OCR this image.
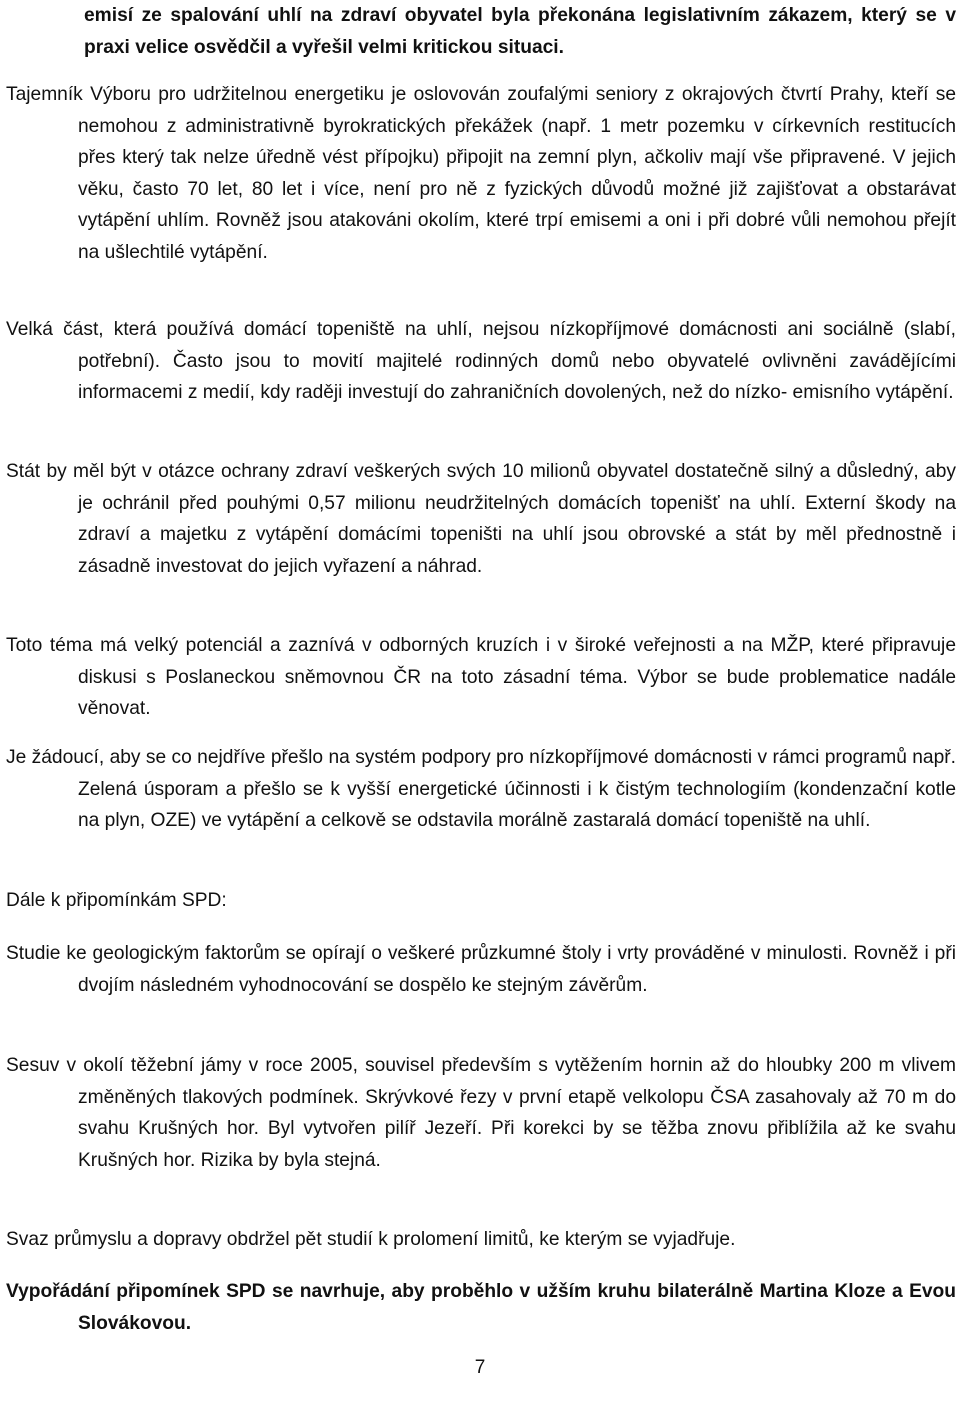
emisí ze spalování uhlí na zdraví obyvatel byla překonána legislativním zákazem, který se v praxi velice osvědčil a vyřešil velmi kritickou situaci.

Tajemník Výboru pro udržitelnou energetiku je oslovován zoufalými seniory z okrajových čtvrtí Prahy, kteří se nemohou z administrativně byrokratických překážek (např. 1 metr pozemku v církevních restitucích přes který tak nelze úředně vést přípojku) připojit na zemní plyn, ačkoliv mají vše připravené. V jejich věku, často 70 let, 80 let i více, není pro ně z fyzických důvodů možné již zajišťovat a obstarávat vytápění uhlím. Rovněž jsou atakováni okolím, které trpí emisemi a oni i při dobré vůli nemohou přejít na ušlechtilé vytápění.

Velká část, která používá domácí topeniště na uhlí, nejsou nízkopříjmové domácnosti ani sociálně (slabí, potřební). Často jsou to movití majitelé rodinných domů nebo obyvatelé ovlivněni zavádějícími informacemi z medií, kdy raději investují do zahraničních dovolených, než do nízko- emisního vytápění.

Stát by měl být v otázce ochrany zdraví veškerých svých 10 milionů obyvatel dostatečně silný a důsledný, aby je ochránil před pouhými 0,57 milionu neudržitelných domácích topenišť na uhlí. Externí škody na zdraví a majetku z vytápění domácími topeništi na uhlí jsou obrovské a stát by měl přednostně i zásadně investovat do jejich vyřazení a náhrad.

Toto téma má velký potenciál a zaznívá v odborných kruzích i v široké veřejnosti a na MŽP, které připravuje diskusi s Poslaneckou sněmovnou ČR na toto zásadní téma. Výbor se bude problematice nadále věnovat.

Je žádoucí, aby se co nejdříve přešlo na systém podpory pro nízkopříjmové domácnosti v rámci programů např. Zelená úsporam a přešlo se k vyšší energetické účinnosti i k čistým technologiím (kondenzační kotle na plyn, OZE) ve vytápění a celkově se odstavila morálně zastaralá domácí topeniště na uhlí.

Dále k připomínkám SPD:

Studie ke geologickým faktorům se opírají o veškeré průzkumné štoly i vrty prováděné v minulosti. Rovněž i při dvojím následném vyhodnocování se dospělo ke stejným závěrům.

Sesuv v okolí těžební jámy v roce 2005, souvisel především s vytěžením hornin až do hloubky 200 m vlivem změněných tlakových podmínek. Skrývkové řezy v první etapě velkolopu ČSA zasahovaly až 70 m do svahu Krušných hor. Byl vytvořen pilíř Jezeří. Při korekci by se těžba znovu přiblížila až ke svahu Krušných hor. Rizika by byla stejná.

Svaz průmyslu a dopravy obdržel pět studií k prolomení limitů, ke kterým se vyjadřuje.

Vypořádání připomínek SPD se navrhuje, aby proběhlo v užším kruhu bilaterálně Martina Kloze a Evou Slovákovou.

7
